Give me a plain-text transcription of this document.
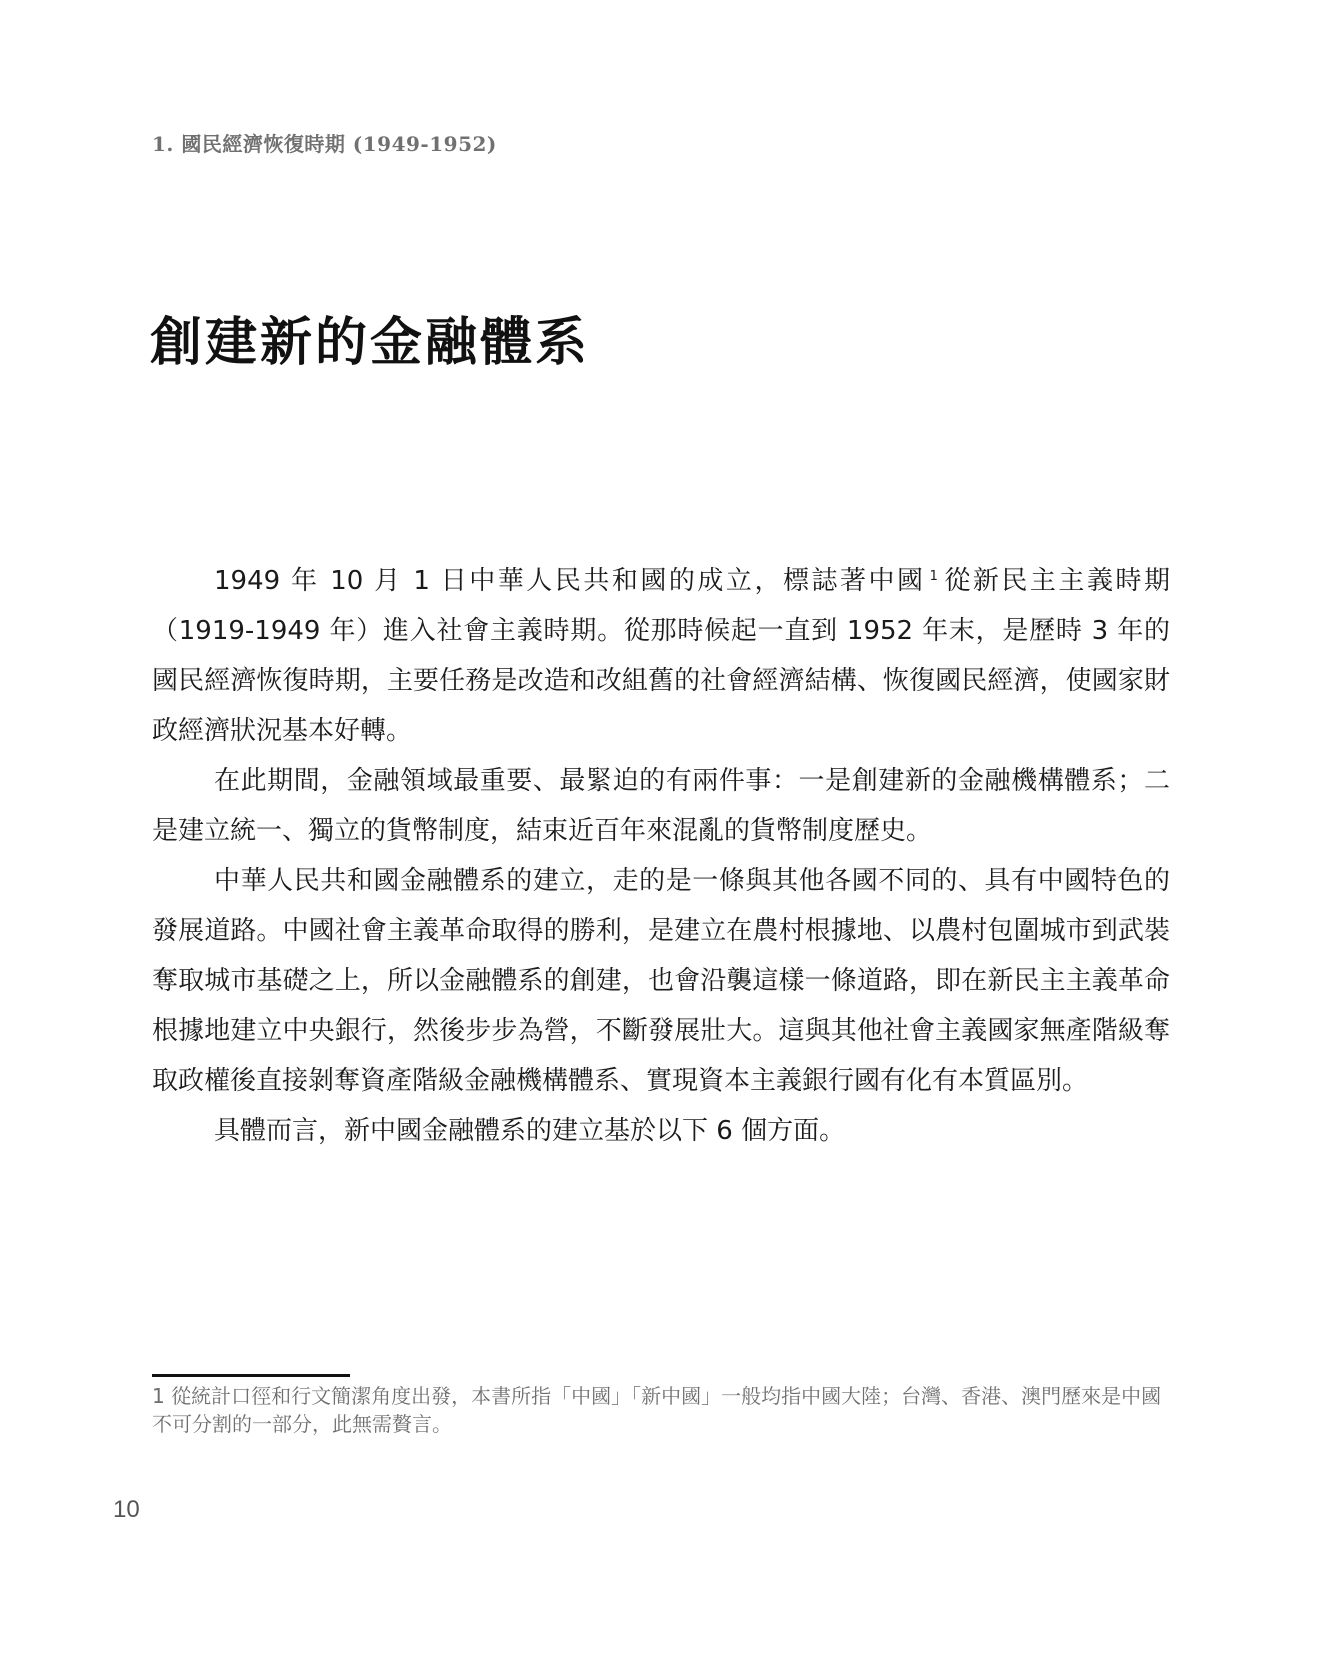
1. 國民經濟恢復時期 (1949-1952)
創建新的金融體系

1949 年 10 月 1 日中華人民共和國的成立，標誌著中國 $^1$ 從新民主主義時期（1919-1949 年）進入社會主義時期。從那時候起一直到 1952 年末，是歷時 3 年的國民經濟恢復時期，主要任務是改造和改組舊的社會經濟結構、恢復國民經濟，使國家財政經濟狀況基本好轉。

在此期間，金融領域最重要、最緊迫的有兩件事：一是創建新的金融機構體系；二是建立統一、獨立的貨幣制度，結束近百年來混亂的貨幣制度歷史。

中華人民共和國金融體系的建立，走的是一條與其他各國不同的、具有中國特色的發展道路。中國社會主義革命取得的勝利，是建立在農村根據地、以農村包圍城市到武裝奪取城市基礎之上，所以金融體系的創建，也會沿襲這樣一條道路，即在新民主主義革命根據地建立中央銀行，然後步步為營，不斷發展壯大。這與其他社會主義國家無產階級奪取政權後直接剝奪資產階級金融機構體系、實現資本主義銀行國有化有本質區別。

具體而言，新中國金融體系的建立基於以下 6 個方面。

1 從統計口徑和行文簡潔角度出發，本書所指「中國」「新中國」一般均指中國大陸；台灣、香港、澳門歷來是中國不可分割的一部分，此無需贅言。

10
